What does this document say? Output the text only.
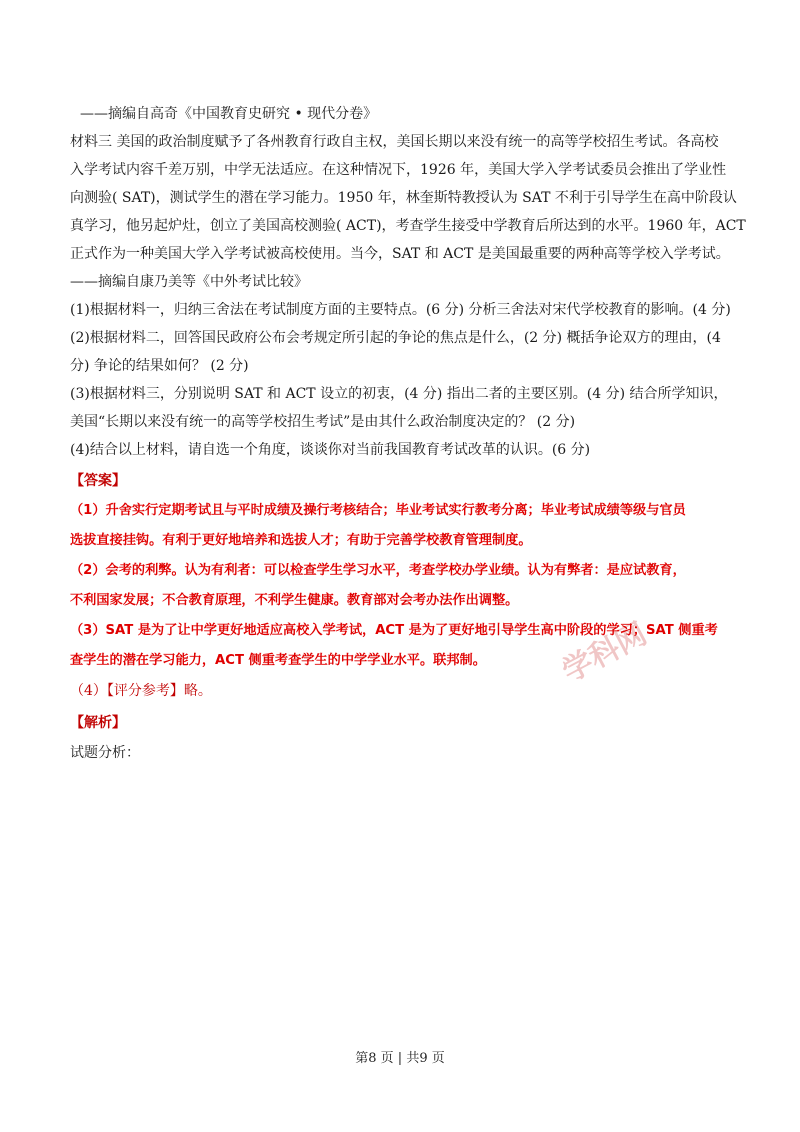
——摘编自高奇《中国教育史研究 • 现代分卷》
材料三 美国的政治制度赋予了各州教育行政自主权，美国长期以来没有统一的高等学校招生考试。各高校
入学考试内容千差万别，中学无法适应。在这种情况下，1926 年，美国大学入学考试委员会推出了学业性
向测验( SAT)，测试学生的潜在学习能力。1950 年，林奎斯特教授认为 SAT 不利于引导学生在高中阶段认
真学习，他另起炉灶，创立了美国高校测验( ACT)，考查学生接受中学教育后所达到的水平。1960 年，ACT
正式作为一种美国大学入学考试被高校使用。当今，SAT 和 ACT 是美国最重要的两种高等学校入学考试。
——摘编自康乃美等《中外考试比较》
(1)根据材料一，归纳三舍法在考试制度方面的主要特点。(6 分) 分析三舍法对宋代学校教育的影响。(4 分)
(2)根据材料二，回答国民政府公布会考规定所引起的争论的焦点是什么，(2 分) 概括争论双方的理由，(4
分) 争论的结果如何？ (2 分)
(3)根据材料三，分别说明 SAT 和 ACT 设立的初衷，(4 分) 指出二者的主要区别。(4 分) 结合所学知识，
美国“长期以来没有统一的高等学校招生考试”是由其什么政治制度决定的？ (2 分)
(4)结合以上材料，请自选一个角度，谈谈你对当前我国教育考试改革的认识。(6 分)
【答案】
（1）升舍实行定期考试且与平时成绩及操行考核结合；毕业考试实行教考分离；毕业考试成绩等级与官员
选拔直接挂钩。有利于更好地培养和选拔人才；有助于完善学校教育管理制度。
（2）会考的利弊。认为有利者：可以检查学生学习水平，考查学校办学业绩。认为有弊者：是应试教育，
不利国家发展；不合教育原理，不利学生健康。教育部对会考办法作出调整。
（3）SAT 是为了让中学更好地适应高校入学考试，ACT 是为了更好地引导学生高中阶段的学习；SAT 侧重考
查学生的潜在学习能力，ACT 侧重考查学生的中学学业水平。联邦制。
（4）【评分参考】略。
【解析】
试题分析：
学科网
第8 页 | 共9 页
